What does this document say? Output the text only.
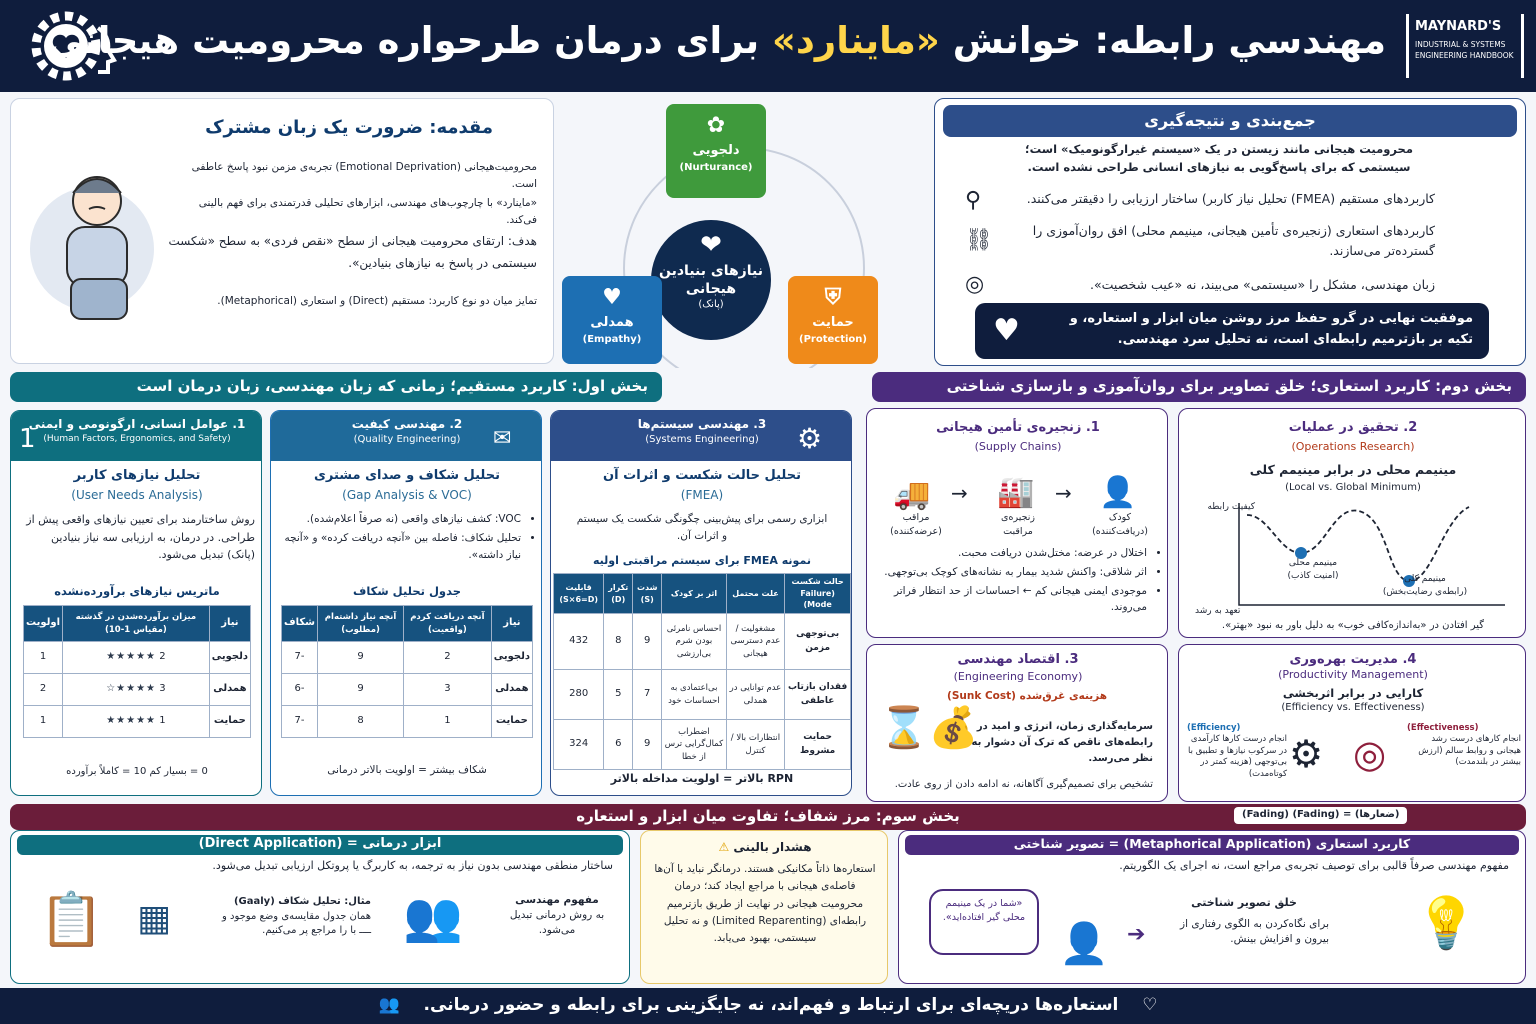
مهندسي رابطه: خوانش «ماینارد» برای درمان طرحواره محرومیت هیجانی	MAYNARD'S
INDUSTRIAL & SYSTEMS
ENGINEERING HANDBOOK
مقدمه: ضرورت یک زبان مشترک
محرومیت‌هیجانی (Emotional Deprivation) تجربه‌ی مزمن نبود پاسخ عاطفی است.
«ماینارد» با چارچوب‌های مهندسی، ابزارهای تحلیلی قدرتمندی برای فهم بالینی فی‌کند.
هدف: ارتقای محرومیت هیجانی از سطح «نقص فردی» به سطح «شکست سیستمی در پاسخ به نیازهای بنیادین».
تمایز میان دو نوع کاربرد: مستقیم (Direct) و استعاری (Metaphorical).
❤
نیازهای بنیادین هیجانی
(پانک)
✿
دلجویی
(Nurturance)
♥
همدلی
(Empathy)
⛨
حمایت
(Protection)
جمع‌بندی و نتیجه‌گیری
محرومیت هیجانی مانند زیستن در یک «سیستم غیرارگونومیک» است؛ سیستمی که برای پاسخ‌گویی به نیازهای انسانی طراحی نشده است.
کاربردهای مستقیم (FMEA) تحلیل نیاز کاربر) ساختار ارزیابی را دقیقتر می‌کنند.
⚲
کاربردهای استعاری (زنجیره‌ی تأمین هیجانی، مینیمم محلی) افق روان‌آموزی را گسترده‌تر می‌سازند.
⛓
زبان مهندسی، مشکل را «سیستمی» می‌بیند، نه «عیب شخصیت».
◎
موفقیت نهایی در گرو حفظ مرز روشن میان ابزار و استعاره، و تکیه بر بازترمیم رابطه‌ای است، نه تحلیل سرد مهندسی.
♥
بخش اول: کاربرد مستقیم؛ زمانی که زبان مهندسی، زبان درمان است
1. عوامل انسانی، ارگونومی و ایمنی
(Human Factors, Ergonomics, and Safety)
1
تحلیل نیازهای کاربر
(User Needs Analysis)
روش ساختارمند برای تعیین نیازهای واقعی پیش از طراحی. در درمان، به ارزیابی سه نیاز بنیادین (پانک) تبدیل می‌شود.
ماتریس نیازهای برآورده‌نشده
نیاز	میزان برآورده‌شدن در گذشته (مقیاس 1-10)	اولویت
دلجویی	2 ★★★★★	1
همدلی	3 ★★★★☆	2
حمایت	1 ★★★★★	1
0 = بسیار کم 10 = کاملاً برآورده
2. مهندسی کیفیت
(Quality Engineering)	✉
تحلیل شکاف و صدای مشتری
(Gap Analysis & VOC)
• VOC: کشف نیازهای واقعی (نه صرفاً اعلام‌شده).
• تحلیل شکاف: فاصله بین «آنچه دریافت کرده» و «آنچه نیاز داشته».
جدول تحلیل شکاف
نیاز	آنچه دریافت کردم (واقعیت)	آنچه نیاز داشته‌ام (مطلوب)	شکاف
دلجویی	2	9	-7
همدلی	3	9	-6
حمایت	1	8	-7
شکاف بیشتر = اولویت بالاتر درمانی
3. مهندسی سیستم‌ها
(Systems Engineering)	⚙
تحلیل حالت شکست و اثرات آن
(FMEA)
ابزاری رسمی برای پیش‌بینی چگونگی شکست یک سیستم و اثرات آن.
نمونه FMEA برای سیستم مراقبتی اولیه
حالت شکست (Failure Mode)	علت محتمل	اثر بر کودک	شدت (S)	تکرار (D)	قابلیت (S×6=D)
بی‌توجهی مزمن	مشغولیت / عدم دسترسی هیجانی	احساس نامرئی بودن شرم بی‌ارزشی	9	8	432
فقدان بازتاب عاطفی	عدم توانایی در همدلی	بی‌اعتمادی به احساسات خود	7	5	280
حمایت مشروط	انتظارات بالا / کنترل	اضطراب کمال‌گرایی ترس از خطا	9	6	324
RPN بالاتر = اولویت مداخله بالاتر
بخش دوم: کاربرد استعاری؛ خلق تصاویر برای روان‌آموزی و بازسازی شناختی
1. زنجیره‌ی تأمین هیجانی
(Supply Chains)
🚚 → 🏭 → 👤
مراقب
(عرضه‌کننده)
زنجیره‌ی
مراقبت
کودک
(دریافت‌کننده)
• اختلال در عرضه: مختل‌شدن دریافت محبت.
• اثر شلاقی: واکنش شدید بیمار به نشانه‌های کوچک بی‌توجهی.
• موجودی ایمنی هیجانی کم ← احساسات از حد انتظار فراتر می‌روند.
2. تحقیق در عملیات
(Operations Research)
مینیمم محلی در برابر مینیمم کلی
(Local vs. Global Minimum)
کیفیت رابطه
تعهد به رشد
مینیمم محلی
(امنیت کاذب)	مینیمم کلی
(رابطه‌ی رضایت‌بخش)
گیر افتادن در «به‌اندازه‌کافی خوب» به دلیل باور به نبود «بهتر».
3. اقتصاد مهندسی
(Engineering Economy)
هزینه‌ی غرق‌شده (Sunk Cost)
💰⌛
سرمایه‌گذاری زمان، انرژی و امید در رابطه‌های ناقص که ترک آن دشوار به نظر می‌رسد.
تشخیص برای تصمیم‌گیری آگاهانه، نه ادامه دادن از روی عادت.
4. مدیریت بهره‌وری
(Productivity Management)
کارایی در برابر اثربخشی
(Efficiency vs. Effectiveness)
(Efficiency)
انجام درست کارها کارآمدی در سرکوب نیازها و تطبیق با بی‌توجهی (هزینه کمتر در کوتاه‌مدت) ⚙ ◎
(Effectiveness)
انجام کارهای درست رشد هیجانی و روابط سالم (ارزش بیشتر در بلندمدت)
بخش سوم: مرز شفاف؛ تفاوت میان ابزار و استعاره	(Fading) (Fading) = (ضعارها)
ابزار درمانی = (Direct Application)
ساختار منطقی مهندسی بدون نیاز به ترجمه، به کاربرگ یا پروتکل ارزیابی تبدیل می‌شود.
📋 ▦	مثال: تحلیل شکاف (Gaaly)
همان جدول مقایسه‌ی وضع موجود و ــــ با را مراجع پر می‌کنیم. 👥	مفهوم مهندسی
به روش درمانی تبدیل می‌شود.
هشدار بالینی ⚠
استعاره‌ها ذاتاً مکانیکی هستند. درمانگر نباید با آن‌ها فاصله‌ی هیجانی با مراجع ایجاد کند؛ درمان محرومیت هیجانی در نهایت از طریق بازترمیم رابطه‌ای (Limited Reparenting) و نه تحلیل سیستمی، بهبود می‌یابد.
کاربرد استعاری (Metaphorical Application) = تصویر شناختی
مفهوم مهندسی صرفاً قالبی برای توصیف تجربه‌ی مراجع است، نه اجرای یک الگوریتم.
«شما در یک مینیمم محلی گیر افتاده‌اید».
👤 ➔
خلق تصویر شناختی
برای نگاه‌کردن به الگوی رفتاری از بیرون و افزایش بینش. 💡
♡ استعاره‌ها دریچه‌ای برای ارتباط و فهم‌اند، نه جایگزینی برای رابطه و حضور درمانی. 👥
